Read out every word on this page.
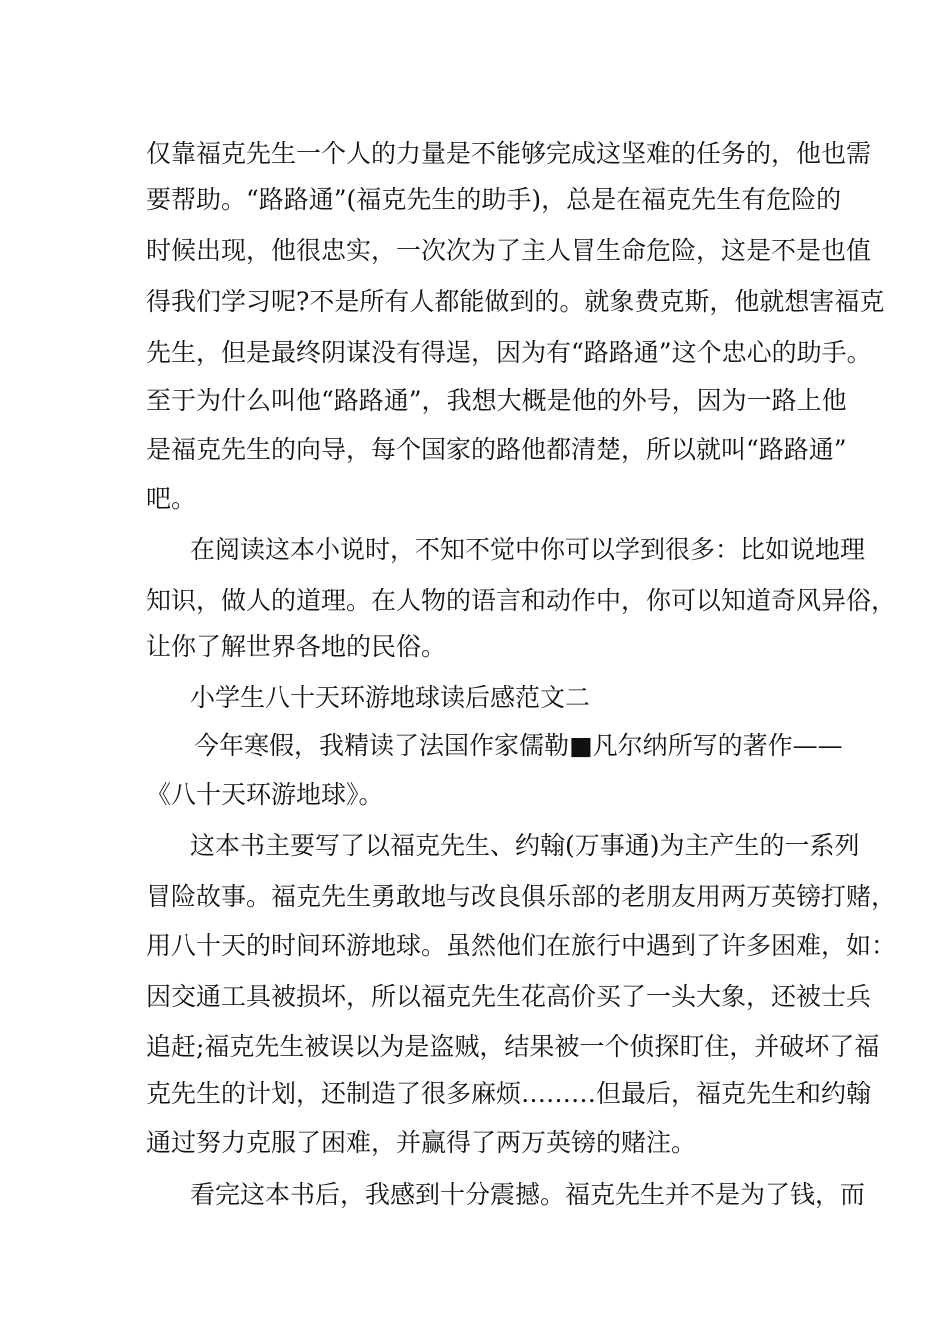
仅靠福克先生一个人的力量是不能够完成这坚难的任务的，他也需
要帮助。“路路通”(福克先生的助手)，总是在福克先生有危险的
时候出现，他很忠实，一次次为了主人冒生命危险，这是不是也值
得我们学习呢?不是所有人都能做到的。就象费克斯，他就想害福克
先生，但是最终阴谋没有得逞，因为有“路路通”这个忠心的助手。
至于为什么叫他“路路通”，我想大概是他的外号，因为一路上他
是福克先生的向导，每个国家的路他都清楚，所以就叫“路路通”
吧。
在阅读这本小说时，不知不觉中你可以学到很多：比如说地理
知识，做人的道理。在人物的语言和动作中，你可以知道奇风异俗，
让你了解世界各地的民俗。
小学生八十天环游地球读后感范文二
今年寒假，我精读了法国作家儒勒■凡尔纳所写的著作——
《八十天环游地球》。
这本书主要写了以福克先生、约翰(万事通)为主产生的一系列
冒险故事。福克先生勇敢地与改良俱乐部的老朋友用两万英镑打赌，
用八十天的时间环游地球。虽然他们在旅行中遇到了许多困难，如：
因交通工具被损坏，所以福克先生花高价买了一头大象，还被士兵
追赶;福克先生被误以为是盗贼，结果被一个侦探盯住，并破坏了福
克先生的计划，还制造了很多麻烦………但最后，福克先生和约翰
通过努力克服了困难，并赢得了两万英镑的赌注。
看完这本书后，我感到十分震撼。福克先生并不是为了钱，而
